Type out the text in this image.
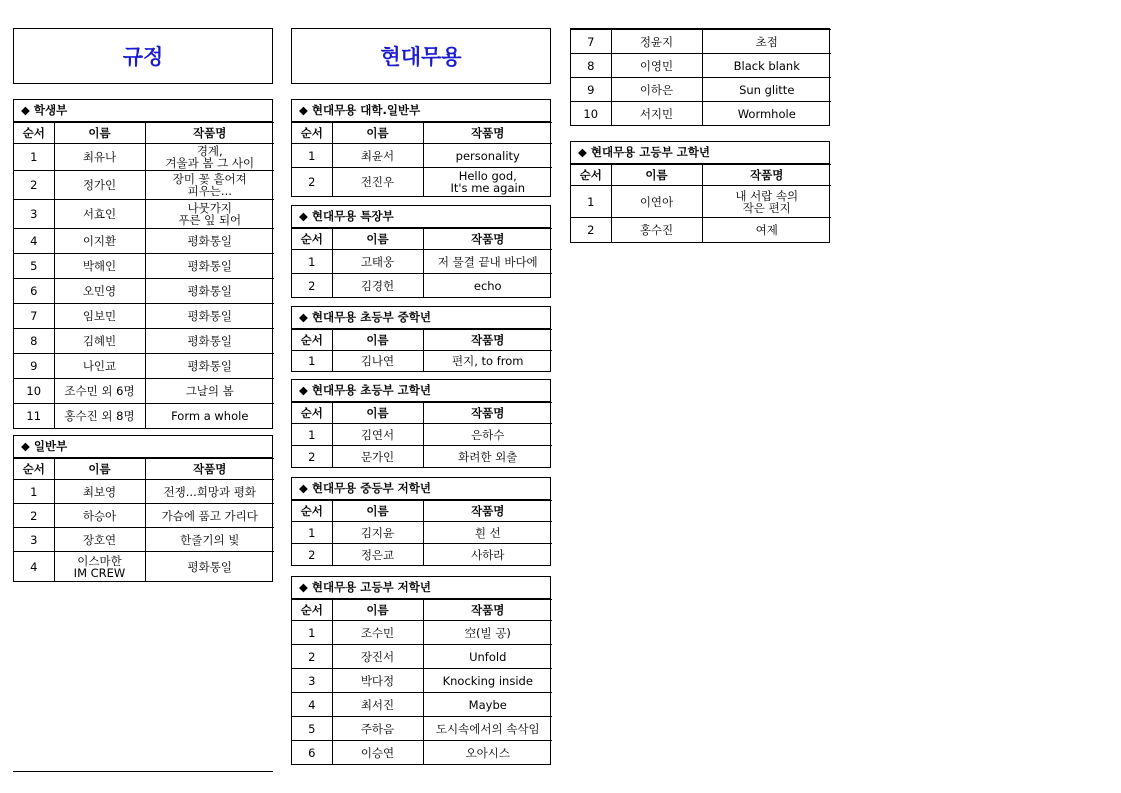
규정	현대무용
◆ 학생부
순서	이름	작품명
1	최유나	경계,
겨울과 봄 그 사이
2	정가인	장미 꽃 흩어져
피우는...
3	서효인	나뭇가지
푸른 잎 되어
4	이지환	평화통일
5	박해인	평화통일
6	오민영	평화통일
7	임보민	평화통일
8	김혜빈	평화통일
9	나인교	평화통일
10	조수민 외 6명	그날의 봄
11	홍수진 외 8명	Form a whole
◆ 일반부
순서	이름	작품명
1	최보영	전쟁...희망과 평화
2	하승아	가슴에 품고 가리다
3	장호연	한줄기의 빛
4	이스마한
IM CREW	평화통일
◆ 현대무용 대학.일반부
순서	이름	작품명
1	최윤서	personality
2	전진우	Hello god,
It's me again
◆ 현대무용 특장부
순서	이름	작품명
1	고태웅	저 물결 끝내 바다에
2	김경헌	echo
◆ 현대무용 초등부 중학년
순서	이름	작품명
1	김나연	편지, to from
◆ 현대무용 초등부 고학년
순서	이름	작품명
1	김연서	은하수
2	문가인	화려한 외출
◆ 현대무용 중등부 저학년
순서	이름	작품명
1	김지윤	흰 선
2	정은교	사하라
◆ 현대무용 고등부 저학년
순서	이름	작품명
1	조수민	空(빌 공)
2	장진서	Unfold
3	박다정	Knocking inside
4	최서진	Maybe
5	주하음	도시속에서의 속삭임
6	이승연	오아시스
7	정윤지	초점
8	이영민	Black blank
9	이하은	Sun glitte
10	서지민	Wormhole
◆ 현대무용 고등부 고학년
순서	이름	작품명
1	이연아	내 서랍 속의
작은 편지
2	홍수진	여제
